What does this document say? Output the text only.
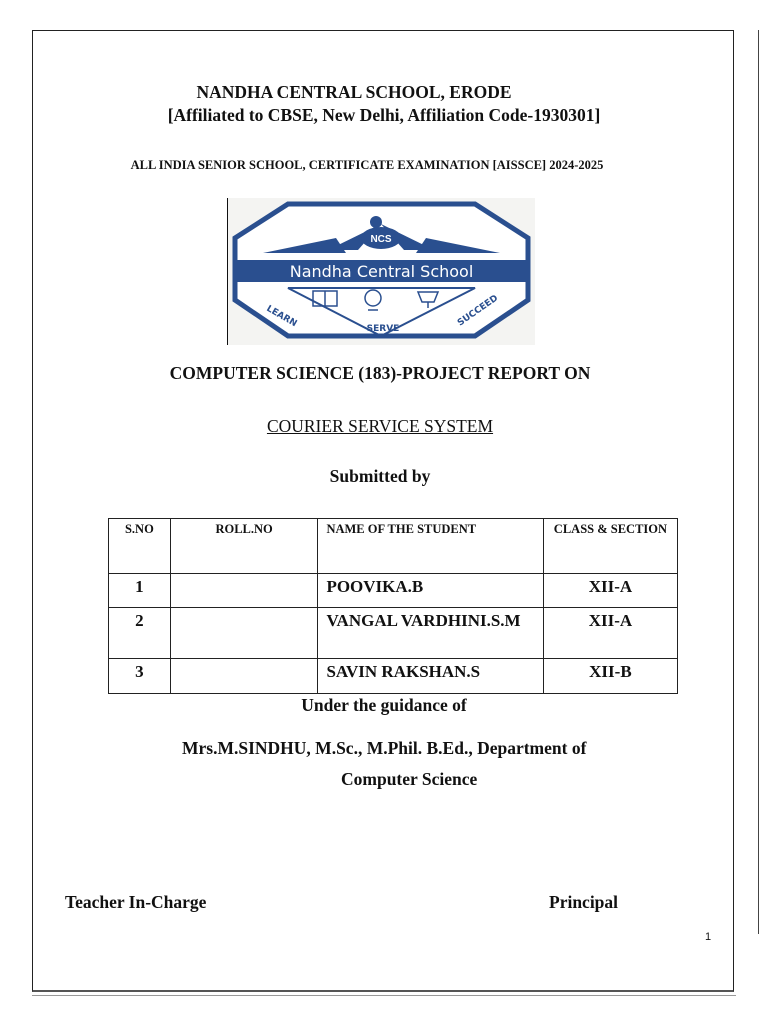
NANDHA CENTRAL SCHOOL, ERODE
[Affiliated to CBSE, New Delhi, Affiliation Code-1930301]
ALL INDIA SENIOR SCHOOL, CERTIFICATE EXAMINATION [AISSCE] 2024-2025
NCS
Nandha Central School
LEARN	SERVE
SUCCEED
COMPUTER SCIENCE (183)-PROJECT REPORT ON
COURIER SERVICE SYSTEM
Submitted by
S.NO	ROLL.NO	NAME OF THE STUDENT	CLASS & SECTION
1		POOVIKA.B	XII-A
2		VANGAL VARDHINI.S.M	XII-A
3		SAVIN RAKSHAN.S	XII-B
Under the guidance of
Mrs.M.SINDHU, M.Sc., M.Phil. B.Ed., Department of
Computer Science
Teacher In-Charge	Principal
1
